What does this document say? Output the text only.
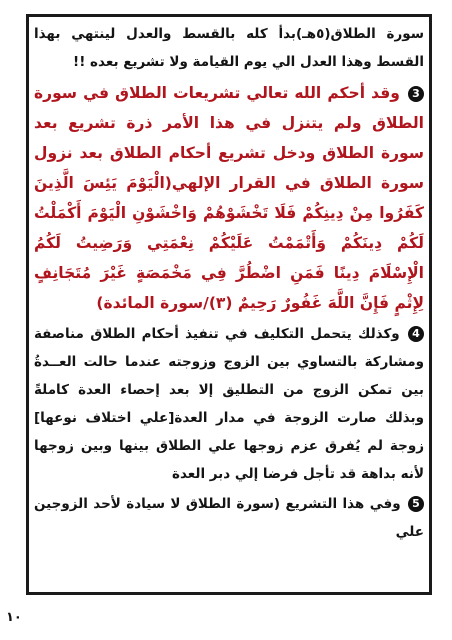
سورة الطلاق(٥هـ)بدأ كله بالقسط والعدل لينتهي بهذا القسط وهذا العدل الي يوم القيامة ولا تشريع بعده !!

3 وقد أحكم الله تعالي تشريعات الطلاق في سورة الطلاق ولم يتنزل في هذا الأمر ذرة تشريع بعد سورة الطلاق ودخل تشريع أحكام الطلاق بعد نزول سورة الطلاق في القرار الإلهي(الْيَوْمَ يَئِسَ الَّذِينَ كَفَرُوا مِنْ دِينِكُمْ فَلَا تَخْشَوْهُمْ وَاخْشَوْنِ الْيَوْمَ أَكْمَلْتُ لَكُمْ دِينَكُمْ وَأَتْمَمْتُ عَلَيْكُمْ نِعْمَتِي وَرَضِيتُ لَكُمُ الْإِسْلَامَ دِينًا فَمَنِ اضْطُرَّ فِي مَخْمَصَةٍ غَيْرَ مُتَجَانِفٍ لِإِثْمٍ فَإِنَّ اللَّهَ غَفُورٌ رَحِيمٌ (٣)/سورة المائدة)

4 وكذلك يتحمل التكليف في تنفيذ أحكام الطلاق مناصفة ومشاركة بالتساوي بين الزوج وزوجته عندما حالت العــدةُ بين تمكن الزوج من التطليق إلا بعد إحصاء العدة كاملةً وبذلك صارت الزوجة في مدار العدة[علي اختلاف نوعها] زوجة لم يُفرق عزم زوجها علي الطلاق بينها وبين زوجها لأنه بداهة قد تأجل فرضا إلي دبر العدة

5 وفي هذا التشريع (سورة الطلاق لا سيادة لأحد الزوجين علي

١٠
